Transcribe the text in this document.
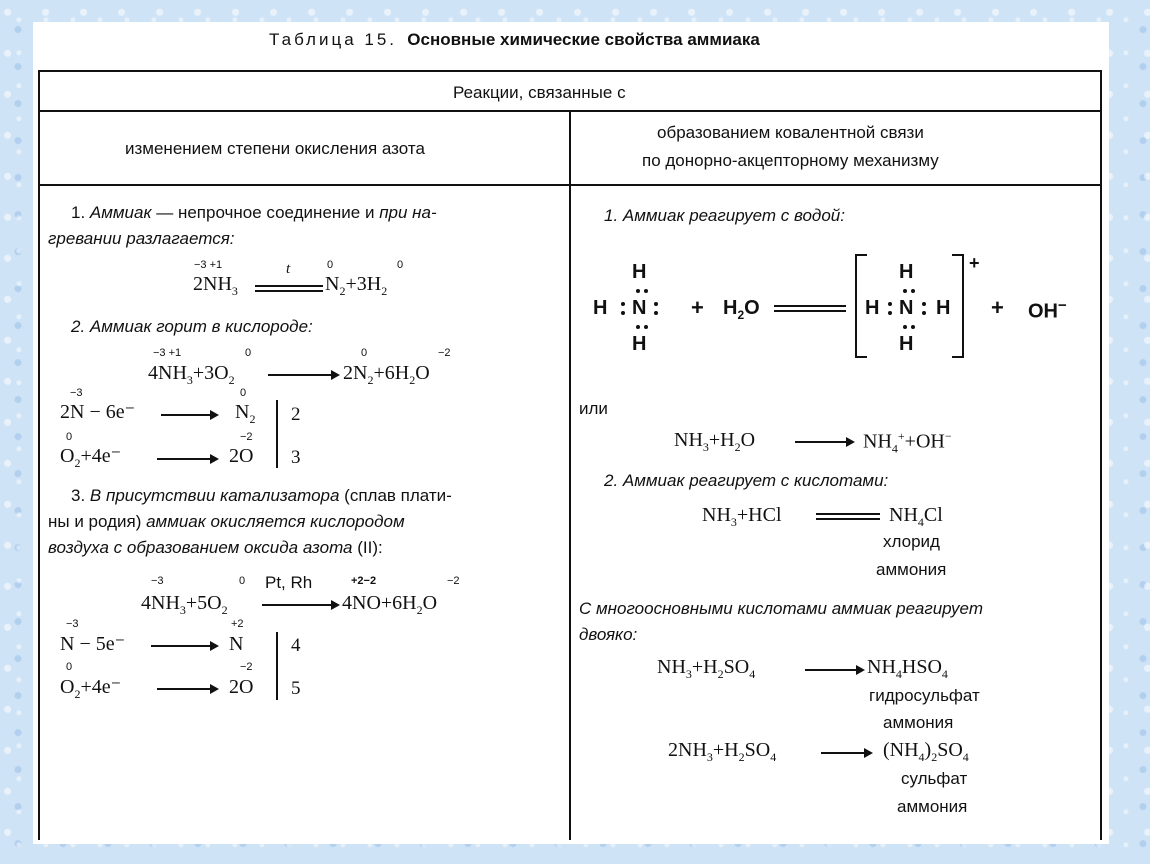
Таблица 15. Основные химические свойства аммиака
Реакции, связанные с
изменением степени окисления азота
образованием ковалентной связи
по донорно-акцепторному механизму
1. Аммиак — непрочное соединение и при на-
гревании разлагается:
−3 +1	0	0
$2NH_3$
t
$N_2+3H_2$
2. Аммиак горит в кислороде:
−3 +1	0	0	−2
$4NH_3+3O_2$	$2N_2+6H_2O$
−3	0
2N − 6e⁻	$N_2$ 2
0	−2
$O_2+4e^-$	2O 3
3. В присутствии катализатора (сплав плати-
ны и родия) аммиак окисляется кислородом
воздуха с образованием оксида азота (II):
−3	0	+2−2	−2
$4NH_3+5O_2$
Pt, Rh
$4NO+6H_2O$
−3	+2
N − 5e⁻	N	4
0	−2
$O_2+4e^-$	2O 5
1. Аммиак реагирует с водой:
H
H N
H
+ $H_2O$
H
H N H
H
+
+ OH−
или
$NH_3+H_2O$	$NH_4^++OH^-$
2. Аммиак реагирует с кислотами:
$NH_3+HCl$	$NH_4Cl$
хлорид
аммония
С многоосновными кислотами аммиак реагирует
двояко:
$NH_3+H_2SO_4$	$NH_4HSO_4$
гидросульфат
аммония
$2NH_3+H_2SO_4$	$(NH_4)_2SO_4$
сульфат
аммония
